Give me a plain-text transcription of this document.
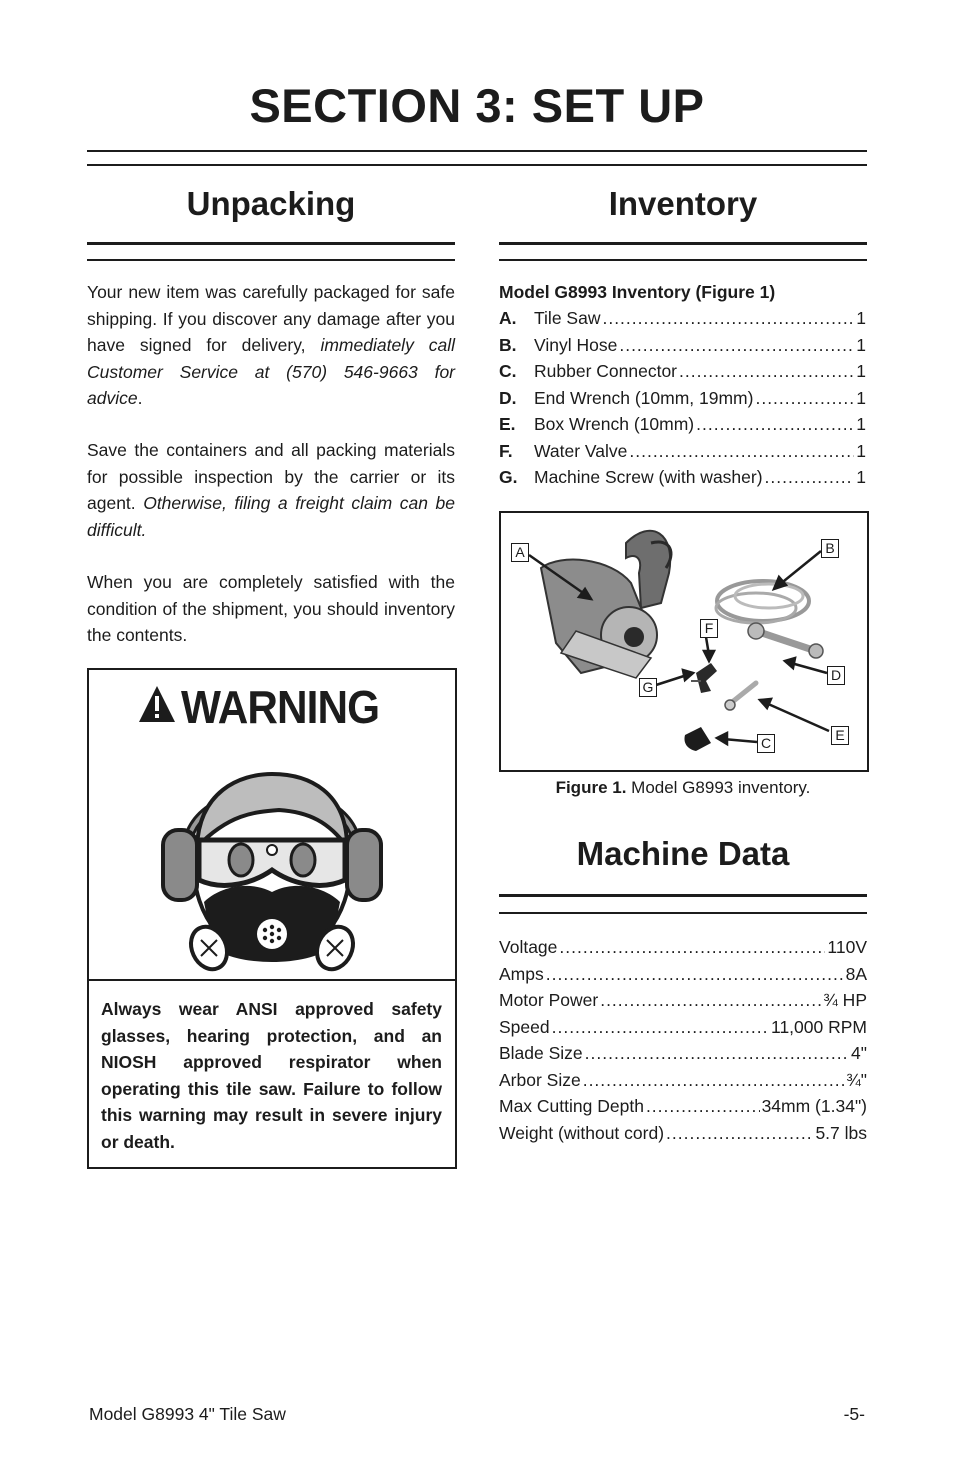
SECTION 3: SET UP
Unpacking
Your new item was carefully packaged for safe shipping. If you discover any damage after you have signed for delivery, immediately call Customer Service at (570) 546-9663 for advice.
Save the containers and all packing materials for possible inspection by the carrier or its agent. Otherwise, filing a freight claim can be difficult.
When you are completely satisfied with the condition of the shipment, you should inventory the contents.
WARNING
Always wear ANSI approved safety glasses, hearing protection, and an NIOSH approved respirator when operating this tile saw. Failure to follow this warning may result in severe injury or death.
Inventory
Model G8993 Inventory (Figure 1)
A.	Tile Saw .....	1
B.	Vinyl Hose .....	1
C.	Rubber Connector .....	1
D.	End Wrench (10mm, 19mm) .....	1
E.	Box Wrench (10mm) .....	1
F.	Water Valve .....	1
G. Machine Screw (with washer) .....	1
A	B
C
D
E
F
G
Figure 1. Model G8993 inventory.
Machine Data
Voltage .....	110V
Amps .....	8A
Motor Power .....	¾ HP
Speed .....	11,000 RPM
Blade Size .....	4"
Arbor Size .....	¾"
Max Cutting Depth .....	34mm (1.34")
Weight (without cord) .....	5.7 lbs
Model G8993 4" Tile Saw	-5-
